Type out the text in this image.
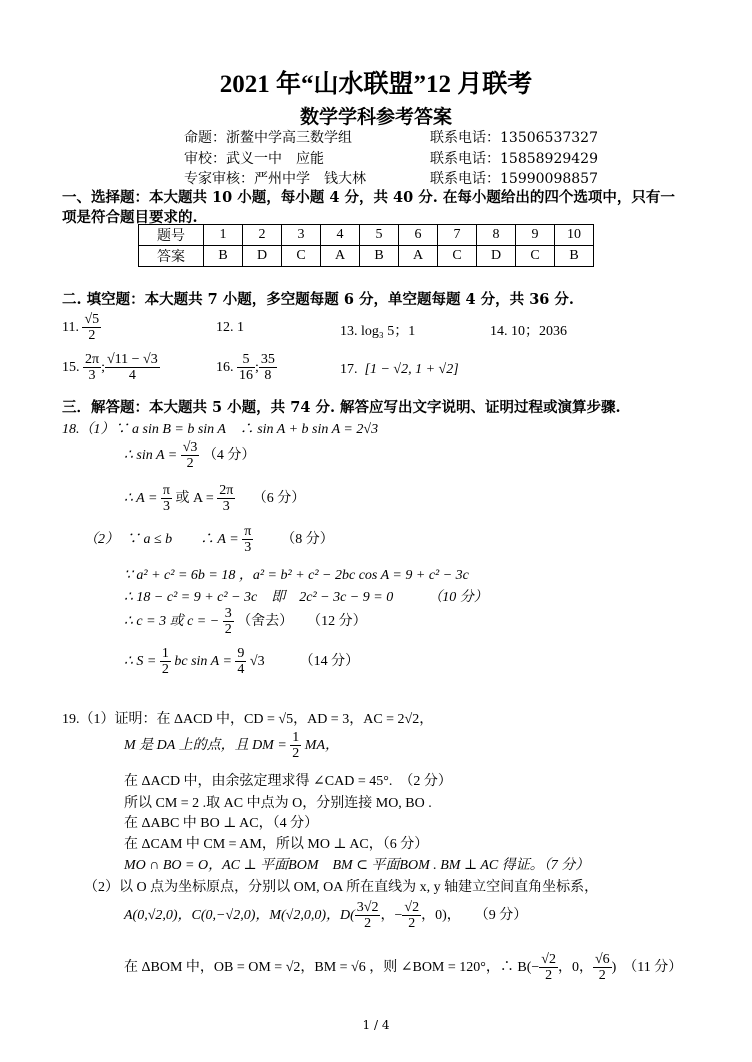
2021 年“山水联盟”12 月联考
数学学科参考答案
命题：浙鳌中学高三数学组	联系电话：13506537327
审校：武义一中　应能	联系电话：15858929429
专家审核：严州中学　钱大林	联系电话：15990098857
一、选择题：本大题共 10 小题，每小题 4 分，共 40 分. 在每小题给出的四个选项中，只有一
项是符合题目要求的.
题号	1	2	3	4	5	6	7	8	9	10
答案	B	D	C	A	B	A	C	D	C	B
二. 填空题：本大题共 7 小题，多空题每题 6 分，单空题每题 4 分，共 36 分.
11. $\frac{√5}{2}$	12. 1	13. log₃ 5；1	14. 10；2036
15. $\frac{2\pi}{3}$ ; $\frac{√11 - √3}{4}$	16. $\frac{5}{16}$ ; $\frac{35}{8}$	17. [1 − √2, 1 + √2]
三．解答题：本大题共 5 小题，共 74 分. 解答应写出文字说明、证明过程或演算步骤.
18.（1）∵ a sin B = b sin A　∴ sin A + b sin A = 2√3
∴ $\sin A = \frac{√3}{2} (4$ 分）
∴ $A = \frac{\pi}{3}$ 或 $A = \frac{2\pi}{3} (6$ 分）
（2）　∵ a ≤ b　　∴ $A = \frac{\pi}{3} (8$ 分）
∵ a² + c² = 6b = 18 ，a² = b² + c² − 2bc cos A = 9 + c² − 3c
∴ 18 − c² = 9 + c² − 3c　即　2c² − 3c − 9 = 0　　　（10 分）
∴ c = 3 或 c = − $\frac{3}{2}$ （舍去）　　（12 分）
∴ $S = \frac{1}{2}$ bc $\sin A = \frac{9}{4} √3$　　　（14 分）
19.（1）证明：在 ΔACD 中，CD = √5，AD = 3，AC = 2√2，
M 是 DA 上的点，且 DM = $\frac{1}{2}$ MA，
在 ΔACD 中，由余弦定理求得 ∠CAD = 45°.　（2 分）
所以 CM = 2 .取 AC 中点为 O，分别连接 MO, BO .
在 ΔABC 中 BO ⊥ AC，（4 分）
在 ΔCAM 中 CM = AM，所以 MO ⊥ AC，（6 分）
MO ∩ BO = O，AC ⊥ 平面BOM　BM ⊂ 平面BOM . BM ⊥ AC 得证。（7 分）
（2）以 O 点为坐标原点，分别以 OM, OA 所在直线为 x, y 轴建立空间直角坐标系，
A(0,√2,0)，C(0,−√2,0)，M(√2,0,0)，$D( \frac{3√2}{2}$ ，− $\frac{√2}{2}$ ，0)，　　（9 分）
在 ΔBOM 中，OB = OM = √2，BM = √6 ，则 ∠BOM = 120°，∴ $B(- \frac{√2}{2}$ ，0， $\frac{√6}{2}$ )　（11 分）
1 / 4
